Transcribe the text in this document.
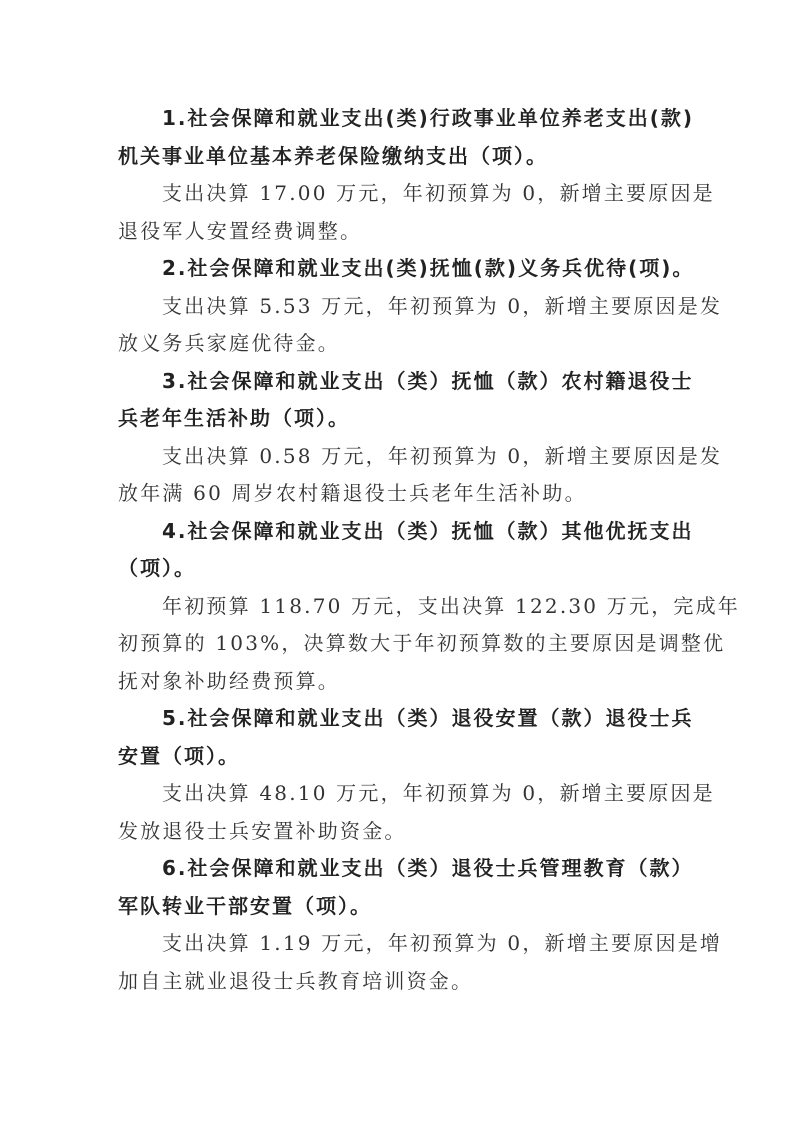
1.社会保障和就业支出(类)行政事业单位养老支出(款)
机关事业单位基本养老保险缴纳支出（项）。
支出决算 17.00 万元，年初预算为 0，新增主要原因是
退役军人安置经费调整。
2.社会保障和就业支出(类)抚恤(款)义务兵优待(项)。
支出决算 5.53 万元，年初预算为 0，新增主要原因是发
放义务兵家庭优待金。
3.社会保障和就业支出（类）抚恤（款）农村籍退役士
兵老年生活补助（项）。
支出决算 0.58 万元，年初预算为 0，新增主要原因是发
放年满 60 周岁农村籍退役士兵老年生活补助。
4.社会保障和就业支出（类）抚恤（款）其他优抚支出
（项）。
年初预算 118.70 万元，支出决算 122.30 万元，完成年
初预算的 103%，决算数大于年初预算数的主要原因是调整优
抚对象补助经费预算。
5.社会保障和就业支出（类）退役安置（款）退役士兵
安置（项）。
支出决算 48.10 万元，年初预算为 0，新增主要原因是
发放退役士兵安置补助资金。
6.社会保障和就业支出（类）退役士兵管理教育（款）
军队转业干部安置（项）。
支出决算 1.19 万元，年初预算为 0，新增主要原因是增
加自主就业退役士兵教育培训资金。
